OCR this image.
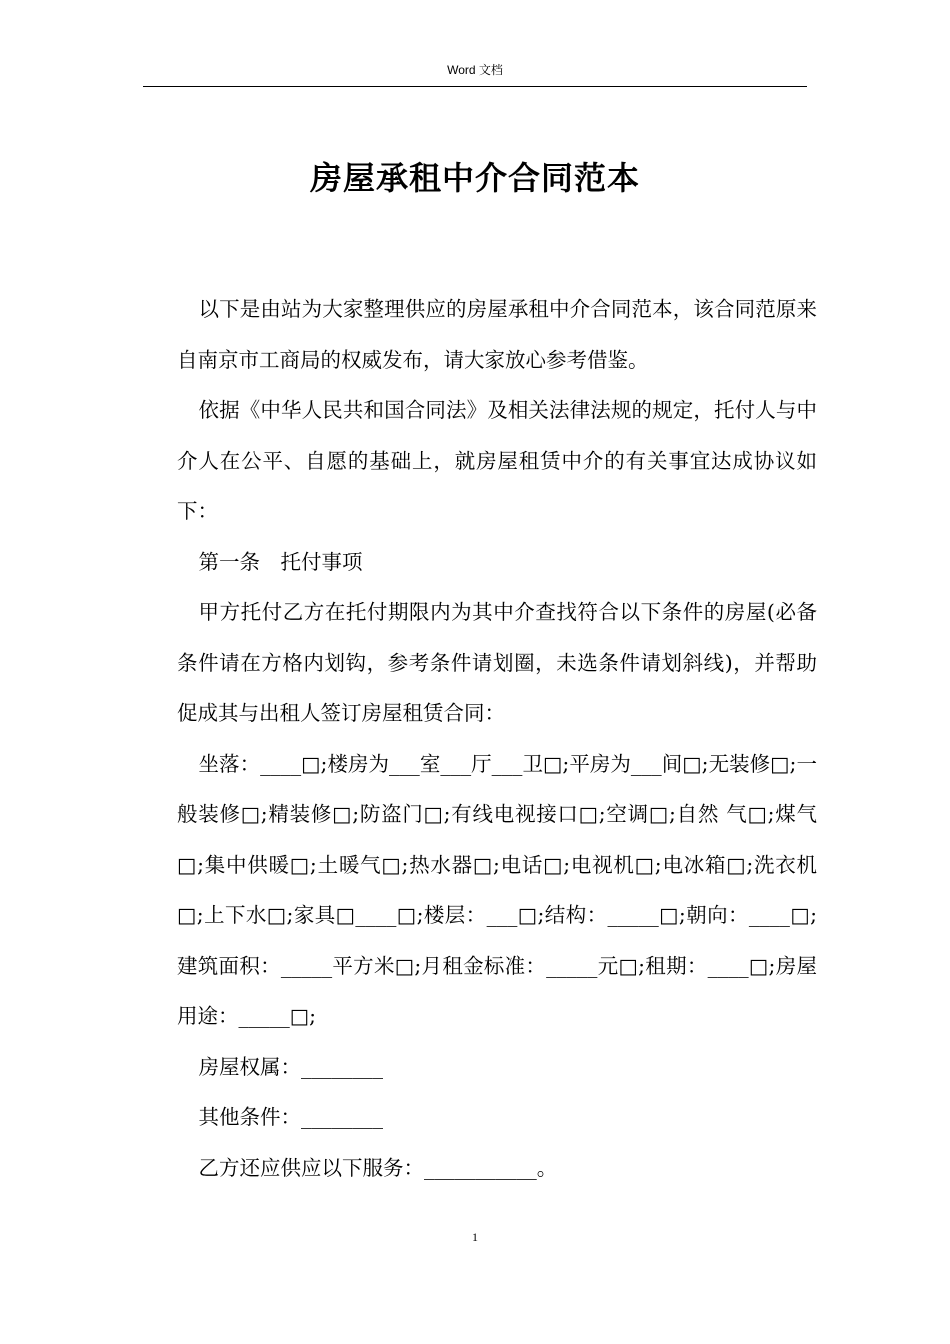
Word 文档
房屋承租中介合同范本

以下是由站为大家整理供应的房屋承租中介合同范本，该合同范原来自南京市工商局的权威发布，请大家放心参考借鉴。

依据《中华人民共和国合同法》及相关法律法规的规定，托付人与中介人在公平、自愿的基础上，就房屋租赁中介的有关事宜达成协议如下：

第一条　托付事项

甲方托付乙方在托付期限内为其中介查找符合以下条件的房屋(必备条件请在方格内划钩，参考条件请划圈，未选条件请划斜线)，并帮助促成其与出租人签订房屋租赁合同：

坐落：____□;楼房为___室___厅___卫□;平房为___间□;无装修□;一般装修□;精装修□;防盗门□;有线电视接口□;空调□;自然 气□;煤气□;集中供暖□;土暖气□;热水器□;电话□;电视机□;电冰箱□;洗衣机□;上下水□;家具□____□;楼层：___□;结构：_____□;朝向：____□;建筑面积：_____平方米□;月租金标准：_____元□;租期：____□;房屋用途：_____□;

房屋权属：________

其他条件：________

乙方还应供应以下服务：___________。

1
